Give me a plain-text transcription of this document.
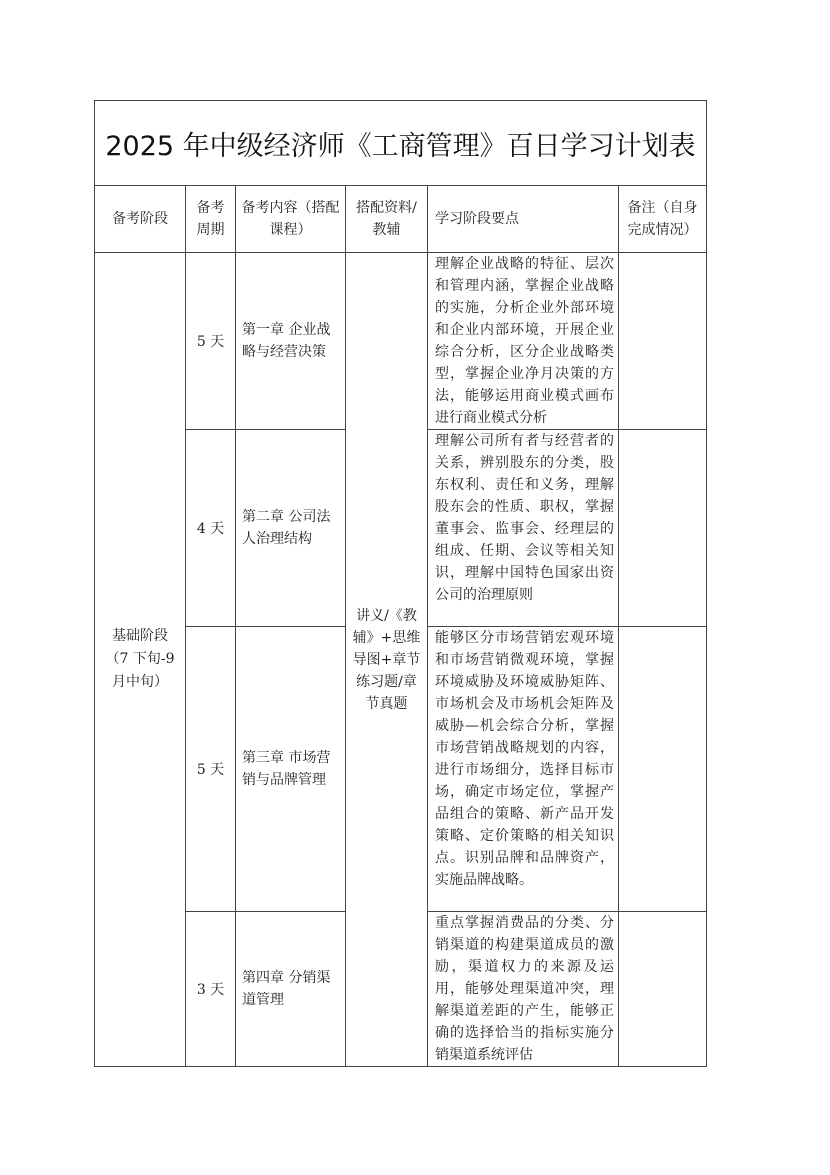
2025 年中级经济师《工商管理》百日学习计划表					
备考阶段	备考周期	备考内容（搭配课程）	搭配资料/教辅	学习阶段要点	备注（自身完成情况）
基础阶段（7 下旬-9 月中旬）	5 天	第一章 企业战略与经营决策	讲义/《教辅》+思维导图+章节练习题/章节真题	理解企业战略的特征、层次和管理内涵，掌握企业战略的实施，分析企业外部环境和企业内部环境，开展企业综合分析，区分企业战略类型，掌握企业净月决策的方法，能够运用商业模式画布进行商业模式分析	
	4 天	第二章 公司法人治理结构		理解公司所有者与经营者的关系，辨别股东的分类，股东权利、责任和义务，理解股东会的性质、职权，掌握董事会、监事会、经理层的组成、任期、会议等相关知识，理解中国特色国家出资公司的治理原则	
	5 天	第三章 市场营销与品牌管理		能够区分市场营销宏观环境和市场营销微观环境，掌握环境威胁及环境威胁矩阵、市场机会及市场机会矩阵及威胁—机会综合分析，掌握市场营销战略规划的内容，进行市场细分，选择目标市场，确定市场定位，掌握产品组合的策略、新产品开发策略、定价策略的相关知识点。识别品牌和品牌资产，实施品牌战略。	
	3 天	第四章 分销渠道管理		重点掌握消费品的分类、分销渠道的构建渠道成员的激励，渠道权力的来源及运用，能够处理渠道冲突，理解渠道差距的产生，能够正确的选择恰当的指标实施分销渠道系统评估	
